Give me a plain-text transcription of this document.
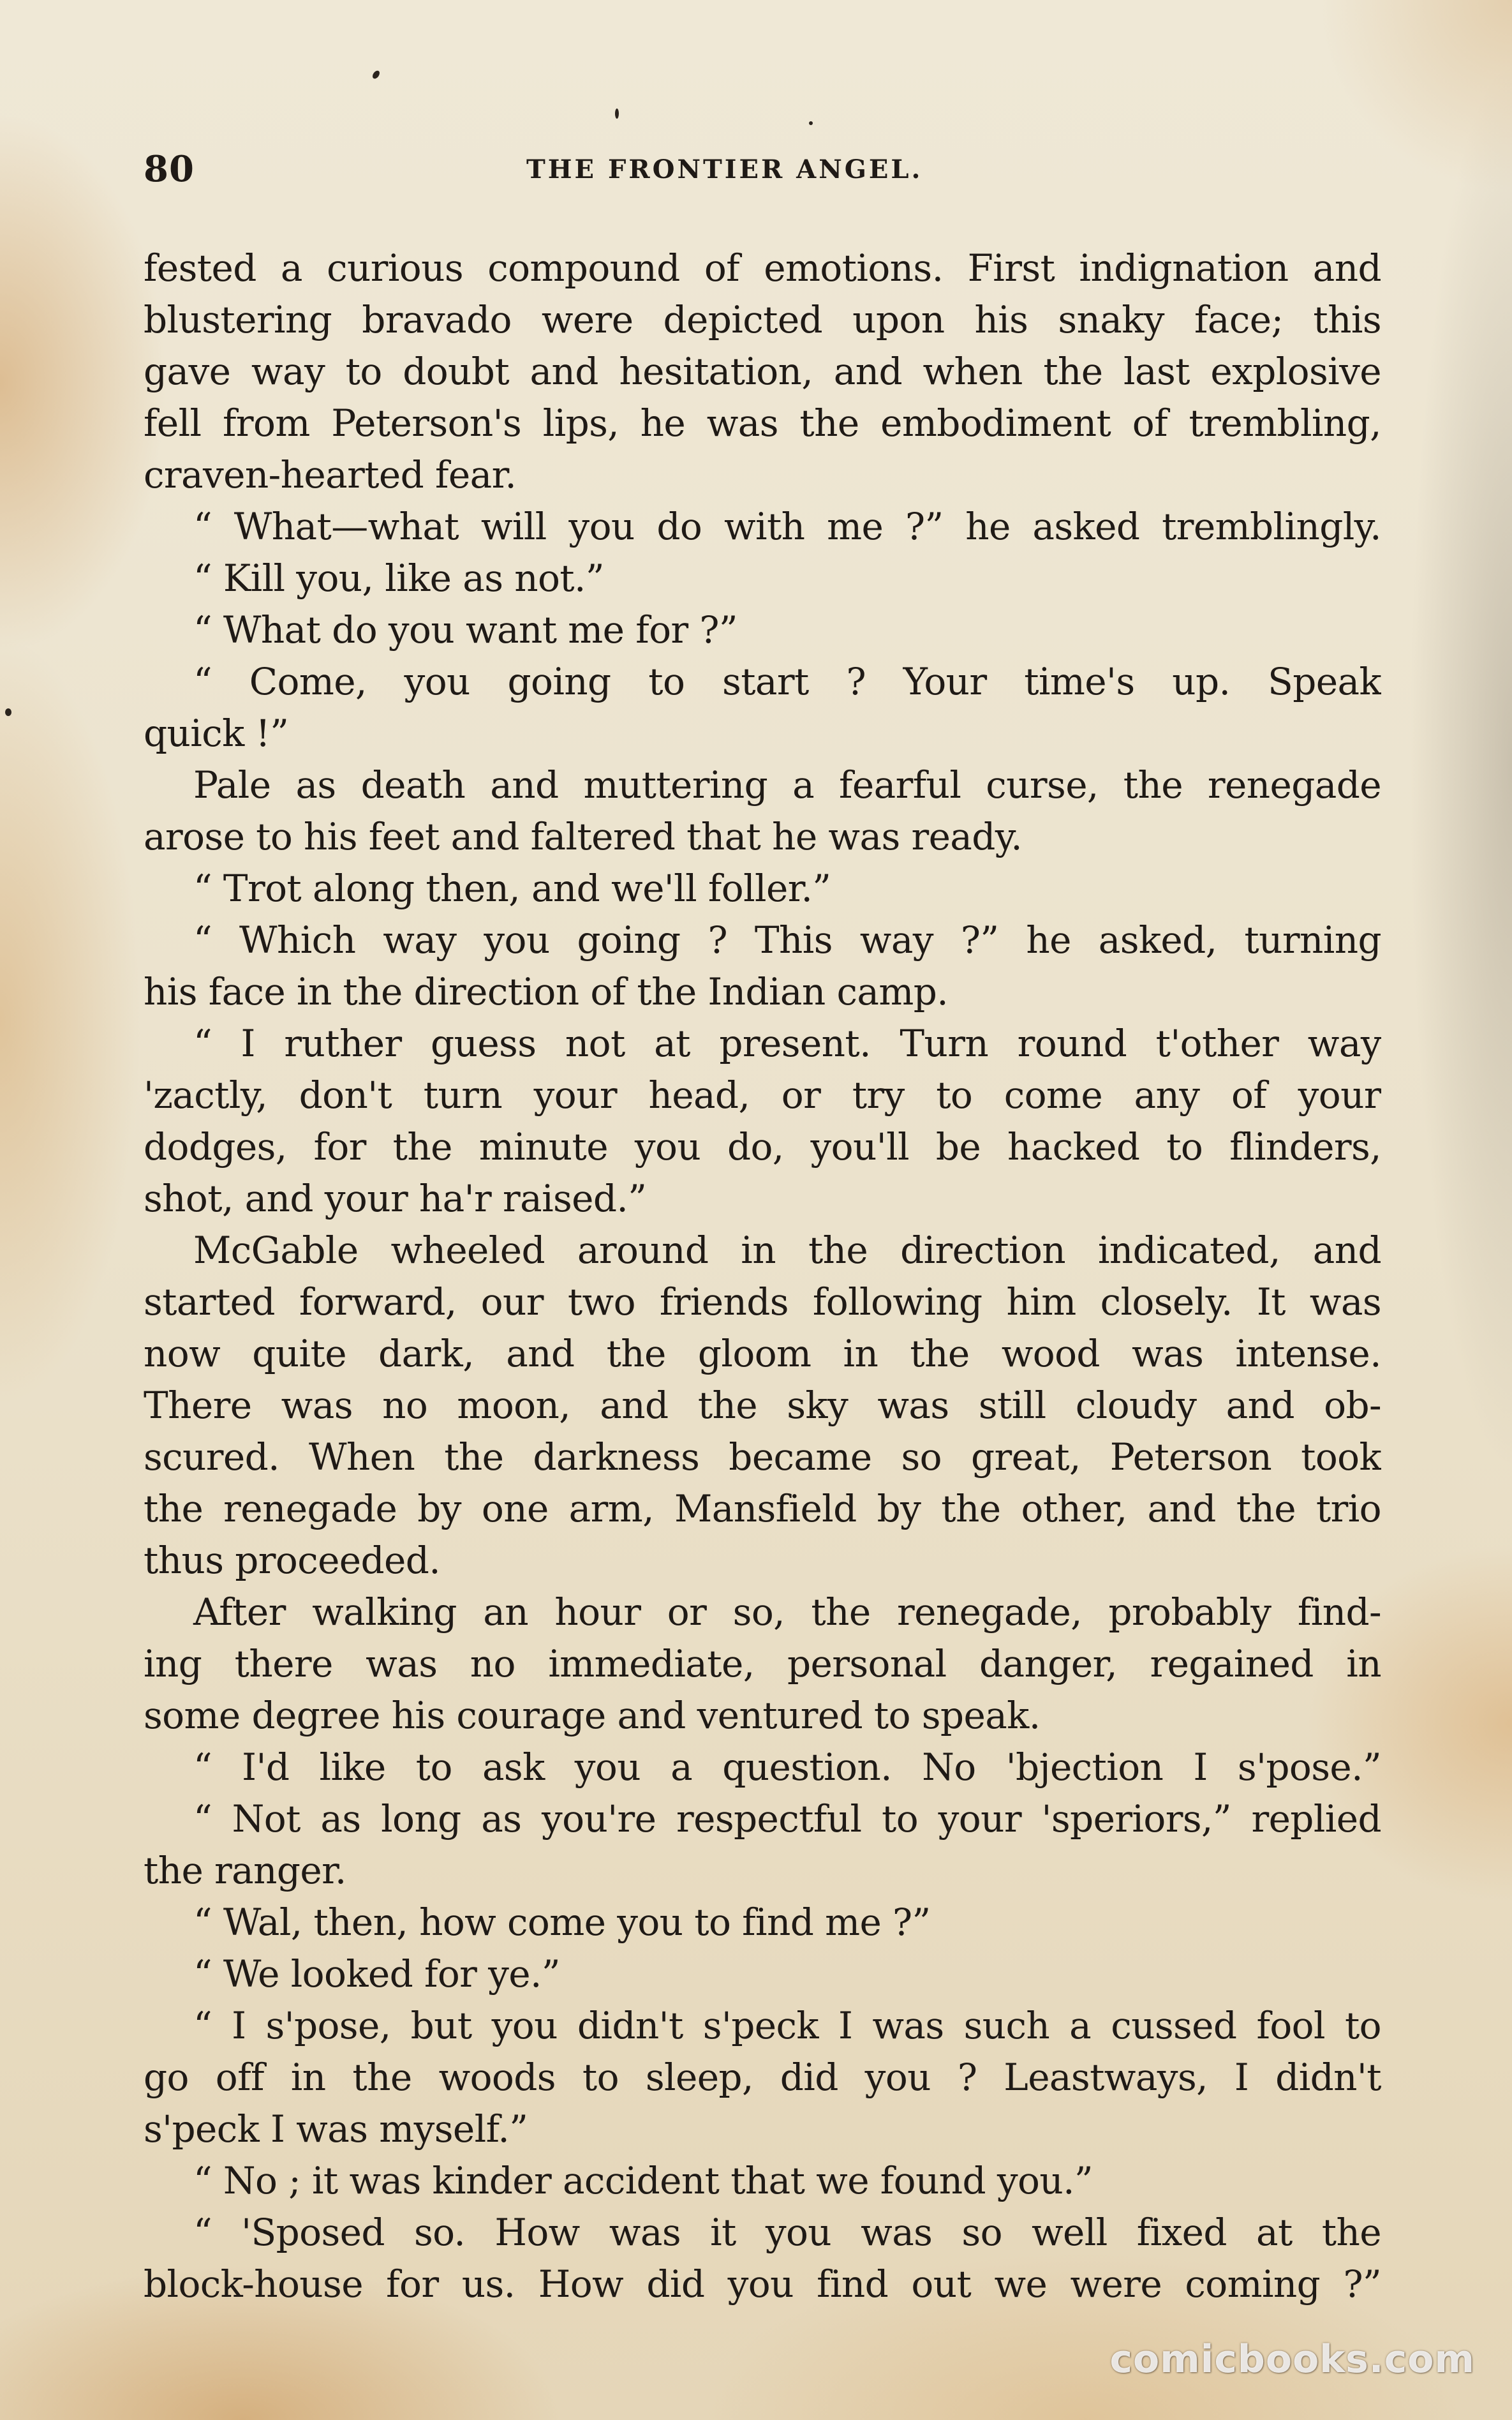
80	THE FRONTIER ANGEL.
fested a curious compound of emotions. First indignation and
blustering bravado were depicted upon his snaky face; this
gave way to doubt and hesitation, and when the last explosive
fell from Peterson's lips, he was the embodiment of trembling,
craven-hearted fear.
“ What—what will you do with me ?” he asked tremblingly.
“ Kill you, like as not.”
“ What do you want me for ?”
“ Come, you going to start ? Your time's up. Speak
quick !”
Pale as death and muttering a fearful curse, the renegade
arose to his feet and faltered that he was ready.
“ Trot along then, and we'll foller.”
“ Which way you going ? This way ?” he asked, turning
his face in the direction of the Indian camp.
“ I ruther guess not at present. Turn round t'other way
'zactly, don't turn your head, or try to come any of your
dodges, for the minute you do, you'll be hacked to flinders,
shot, and your ha'r raised.”
McGable wheeled around in the direction indicated, and
started forward, our two friends following him closely. It was
now quite dark, and the gloom in the wood was intense.
There was no moon, and the sky was still cloudy and ob-
scured. When the darkness became so great, Peterson took
the renegade by one arm, Mansfield by the other, and the trio
thus proceeded.
After walking an hour or so, the renegade, probably find-
ing there was no immediate, personal danger, regained in
some degree his courage and ventured to speak.
“ I'd like to ask you a question. No 'bjection I s'pose.”
“ Not as long as you're respectful to your 'speriors,” replied
the ranger.
“ Wal, then, how come you to find me ?”
“ We looked for ye.”
“ I s'pose, but you didn't s'peck I was such a cussed fool to
go off in the woods to sleep, did you ? Leastways, I didn't
s'peck I was myself.”
“ No ; it was kinder accident that we found you.”
“ 'Sposed so. How was it you was so well fixed at the
block-house for us. How did you find out we were coming ?”
comicbooks.com
